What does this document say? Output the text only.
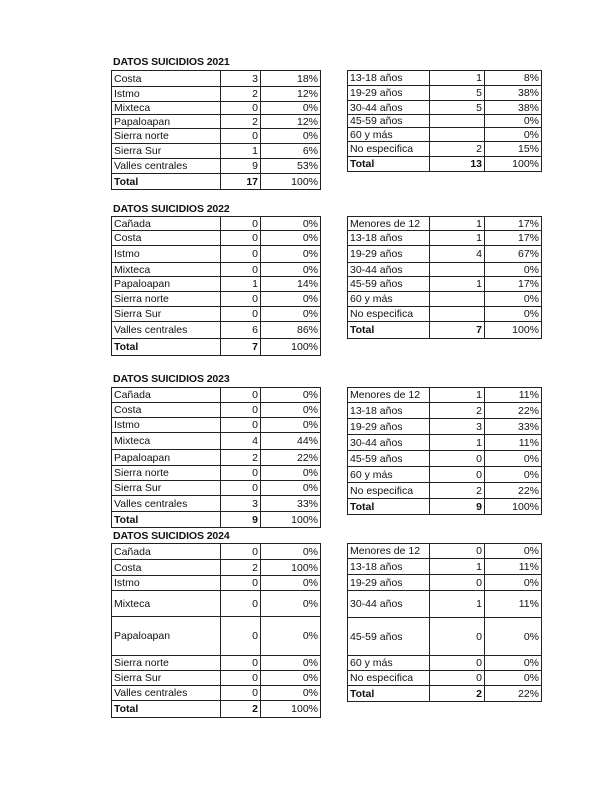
DATOS SUICIDIOS 2021
Costa	3	18%
Istmo	2	12%
Mixteca	0	0%
Papaloapan	2	12%
Sierra norte	0	0%
Sierra Sur	1	6%
Valles centrales	9	53%
Total	17	100%
13-18 años	1	8%
19-29 años	5	38%
30-44 años	5	38%
45-59 años		0%
60 y más		0%
No especifica	2	15%
Total	13	100%
DATOS SUICIDIOS 2022
Cañada	0	0%
Costa	0	0%
Istmo	0	0%
Mixteca	0	0%
Papaloapan	1	14%
Sierra norte	0	0%
Sierra Sur	0	0%
Valles centrales	6	86%
Total	7	100%
Menores de 12	1	17%
13-18 años	1	17%
19-29 años	4	67%
30-44 años		0%
45-59 años	1	17%
60 y más		0%
No especifica		0%
Total	7	100%
DATOS SUICIDIOS 2023
Cañada	0	0%
Costa	0	0%
Istmo	0	0%
Mixteca	4	44%
Papaloapan	2	22%
Sierra norte	0	0%
Sierra Sur	0	0%
Valles centrales	3	33%
Total	9	100%
Menores de 12	1	11%
13-18 años	2	22%
19-29 años	3	33%
30-44 años	1	11%
45-59 años	0	0%
60 y más	0	0%
No especifica	2	22%
Total	9	100%
DATOS SUICIDIOS 2024
Cañada	0	0%
Costa	2	100%
Istmo	0	0%
Mixteca	0	0%
Papaloapan	0	0%
Sierra norte	0	0%
Sierra Sur	0	0%
Valles centrales	0	0%
Total	2	100%
Menores de 12	0	0%
13-18 años	1	11%
19-29 años	0	0%
30-44 años	1	11%
45-59 años	0	0%
60 y más	0	0%
No especifica	0	0%
Total	2	22%
